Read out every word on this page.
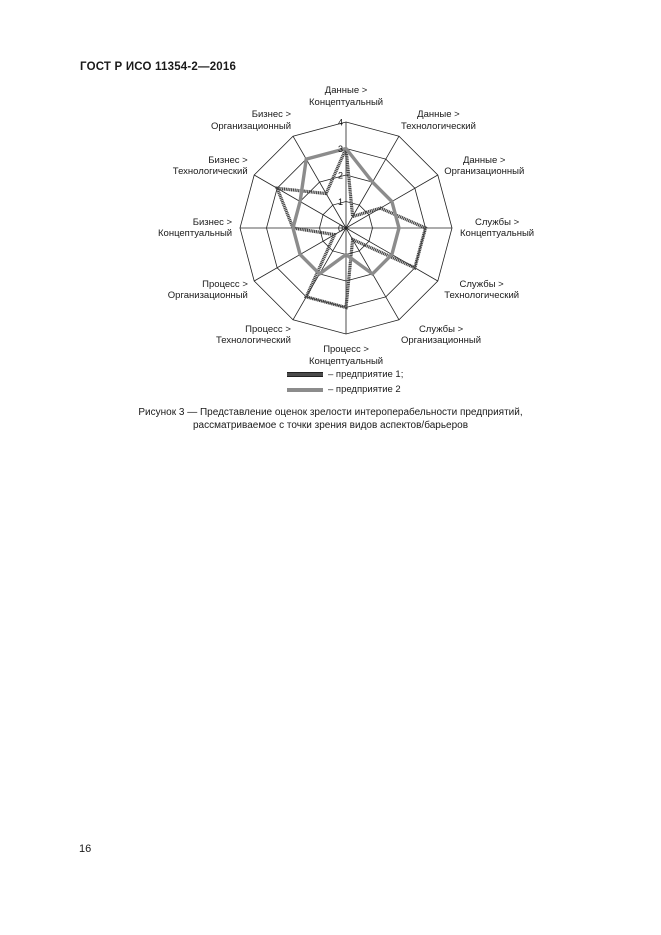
ГОСТ Р ИСО 11354-2—2016
0
1
2
3
4
Данные >
Концептуальный
Данные >
Технологический
Данные >
Организационный
Службы >
Концептуальный
Службы >
Технологический
Службы >
Организационный
Процесс >
Концептуальный
Процесс >
Технологический
Процесс >
Организационный
Бизнес >
Концептуальный
Бизнес >
Технологический
Бизнес >
Организационный
– предприятие 1;
– предприятие 2
Рисунок 3 — Представление оценок зрелости интероперабельности предприятий,
рассматриваемое с точки зрения видов аспектов/барьеров
16
